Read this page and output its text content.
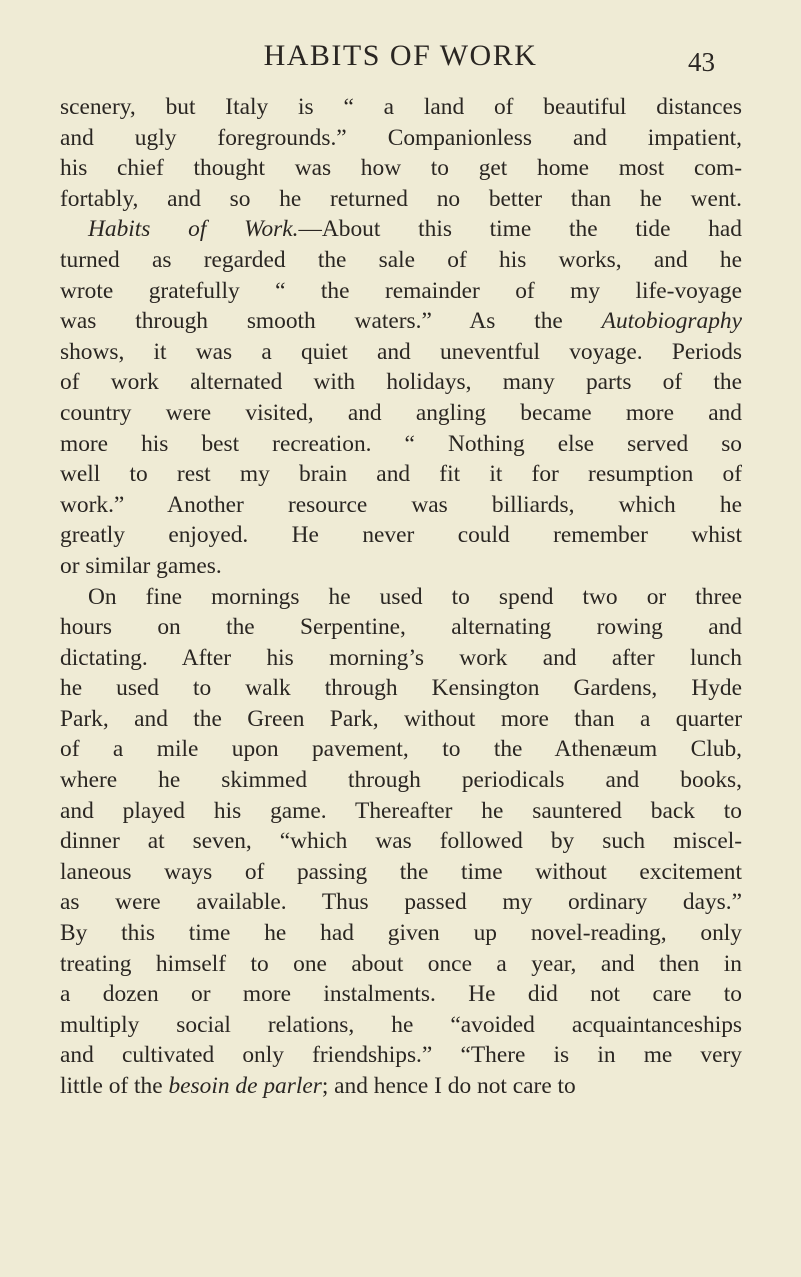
HABITS OF WORK	43
scenery, but Italy is “ a land of beautiful distances
and ugly foregrounds.” Companionless and impatient,
his chief thought was how to get home most com-
fortably, and so he returned no better than he went.
Habits of Work.—About this time the tide had
turned as regarded the sale of his works, and he
wrote gratefully “ the remainder of my life-voyage
was through smooth waters.” As the Autobiography
shows, it was a quiet and uneventful voyage. Periods
of work alternated with holidays, many parts of the
country were visited, and angling became more and
more his best recreation. “ Nothing else served so
well to rest my brain and fit it for resumption of
work.” Another resource was billiards, which he
greatly enjoyed. He never could remember whist
or similar games.
On fine mornings he used to spend two or three
hours on the Serpentine, alternating rowing and
dictating. After his morning’s work and after lunch
he used to walk through Kensington Gardens, Hyde
Park, and the Green Park, without more than a quarter
of a mile upon pavement, to the Athenæum Club,
where he skimmed through periodicals and books,
and played his game. Thereafter he sauntered back to
dinner at seven, “which was followed by such miscel-
laneous ways of passing the time without excitement
as were available. Thus passed my ordinary days.”
By this time he had given up novel-reading, only
treating himself to one about once a year, and then in
a dozen or more instalments. He did not care to
multiply social relations, he “avoided acquaintanceships
and cultivated only friendships.” “There is in me very
little of the besoin de parler; and hence I do not care to
